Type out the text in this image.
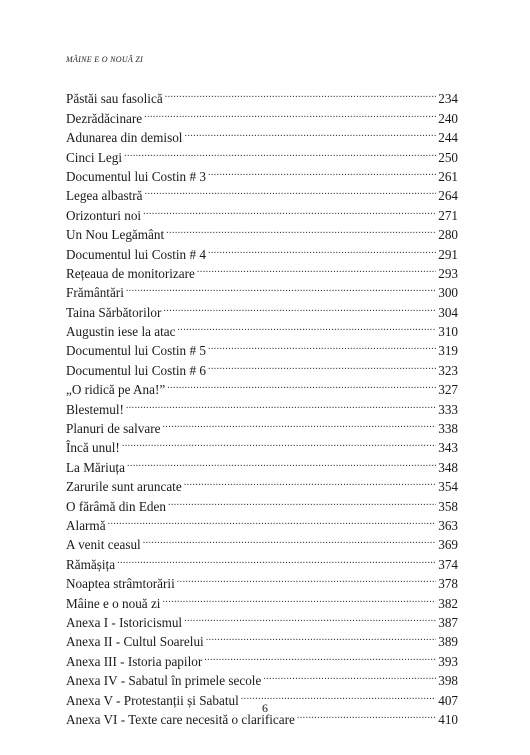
MÂINE E O NOUĂ ZI
Păstăi sau fasolică .....	234
Dezrădăcinare .....	240
Adunarea din demisol .....	244
Cinci Legi .....	250
Documentul lui Costin # 3 .....	261
Legea albastră .....	264
Orizonturi noi .....	271
Un Nou Legământ .....	280
Documentul lui Costin # 4 .....	291
Rețeaua de monitorizare .....	293
Frământări .....	300
Taina Sărbătorilor .....	304
Augustin iese la atac .....	310
Documentul lui Costin # 5 .....	319
Documentul lui Costin # 6 .....	323
„O ridică pe Ana!” .....	327
Blestemul! .....	333
Planuri de salvare .....	338
Încă unul! .....	343
La Măriuța .....	348
Zarurile sunt aruncate .....	354
O fărâmă din Eden .....	358
Alarmă .....	363
A venit ceasul .....	369
Rămășița .....	374
Noaptea strâmtorării .....	378
Mâine e o nouă zi .....	382
Anexa I - Istoricismul .....	387
Anexa II - Cultul Soarelui .....	389
Anexa III - Istoria papilor .....	393
Anexa IV - Sabatul în primele secole .....	398
Anexa V - Protestanții și Sabatul .....	407
Anexa VI - Texte care necesită o clarificare .....	410
6
